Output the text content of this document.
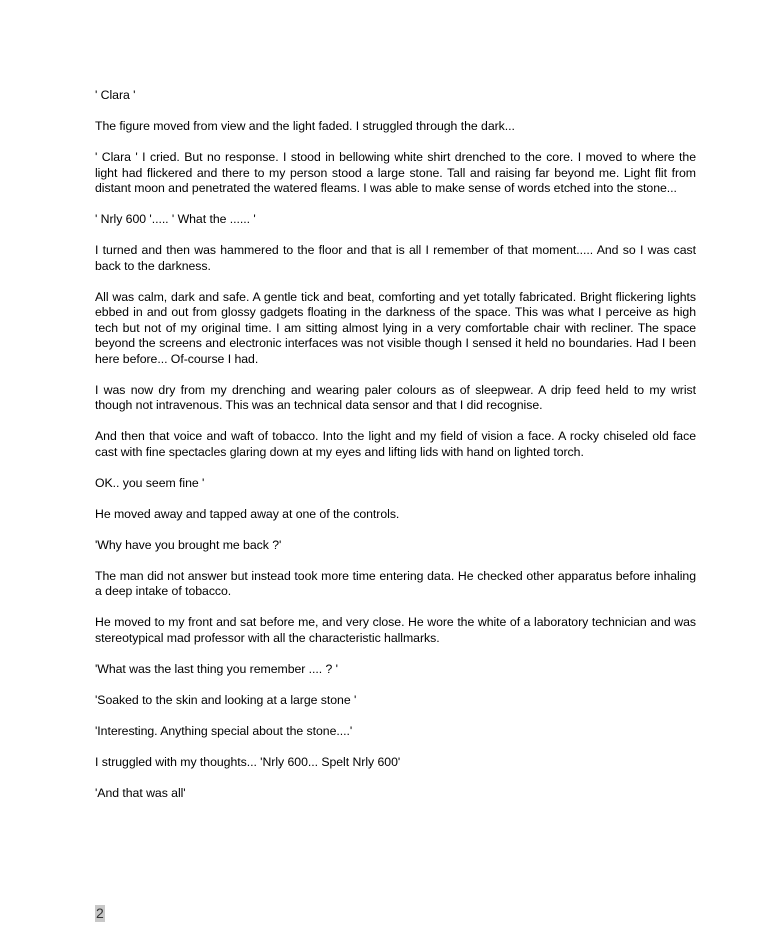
' Clara '

The figure moved from view and the light faded. I struggled through the dark...

' Clara ' I cried. But no response. I stood in bellowing white shirt drenched to the core. I moved to where the light had flickered and there to my person stood a large stone. Tall and raising far beyond me. Light flit from distant moon and penetrated the watered fleams. I was able to make sense of words etched into the stone...

' Nrly 600 '..... ' What the ...... '

I turned and then was hammered to the floor and that is all I remember of that moment..... And so I was cast back to the darkness.

All was calm, dark and safe. A gentle tick and beat, comforting and yet totally fabricated. Bright flickering lights ebbed in and out from glossy gadgets floating in the darkness of the space. This was what I perceive as high tech but not of my original time. I am sitting almost lying in a very comfortable chair with recliner. The space beyond the screens and electronic interfaces was not visible though I sensed it held no boundaries. Had I been here before... Of-course I had.

I was now dry from my drenching and wearing paler colours as of sleepwear. A drip feed held to my wrist though not intravenous. This was an technical data sensor and that I did recognise.

And then that voice and waft of tobacco. Into the light and my field of vision a face. A rocky chiseled old face cast with fine spectacles glaring down at my eyes and lifting lids with hand on lighted torch.

OK.. you seem fine '

He moved away and tapped away at one of the controls.

'Why have you brought me back ?'

The man did not answer but instead took more time entering data. He checked other apparatus before inhaling a deep intake of tobacco.

He moved to my front and sat before me, and very close. He wore the white of a laboratory technician and was stereotypical mad professor with all the characteristic hallmarks.

'What was the last thing you remember .... ? '

'Soaked to the skin and looking at a large stone '

'Interesting. Anything special about the stone....'

I struggled with my thoughts... 'Nrly 600... Spelt Nrly 600'

'And that was all'

2
